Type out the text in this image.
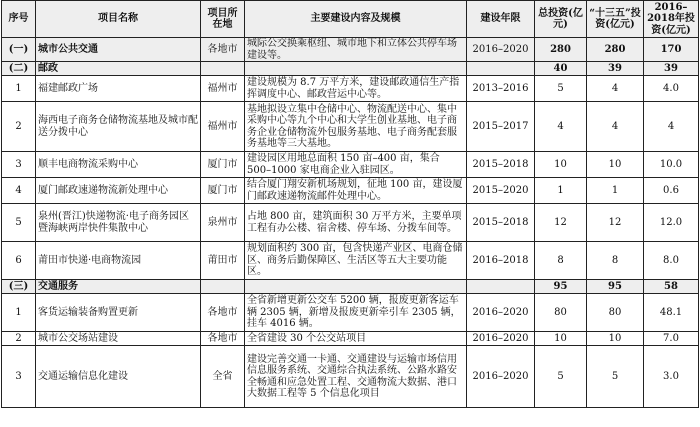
序号	项目名称	项目所在地	主要建设内容及规模	建设年限	总投资(亿元)	“十三五”投资(亿元)	2016–2018年投资(亿元)
(一)	城市公共交通	各地市	城际公交换乘枢纽、城市地下和立体公共停车场建设等。	2016–2020	280	280	170
(二)	邮政				40	39	39
1	福建邮政广场	福州市	建设规模为 8.7 万平方米，建设邮政通信生产指挥调度中心、邮政营运中心等。	2013–2016	5	4	4.0
2	海西电子商务仓储物流基地及城市配送分拨中心	福州市	基地拟设立集中仓储中心、物流配送中心、集中采购中心等九个中心和大学生创业基地、电子商务企业仓储物流外包服务基地、电子商务配套服务基地等三大基地。	2015–2017	4	4	4
3	顺丰电商物流采购中心	厦门市	建设园区用地总面积 150 亩–400 亩，集合 500–1000 家电商企业入驻园区。	2015–2018	10	10	10.0
4	厦门邮政速递物流新处理中心	厦门市	结合厦门翔安新机场规划，征地 100 亩，建设厦门邮政速递物流邮件处理中心。	2015–2020	1	1	0.6
5	泉州(晋江)快递物流·电子商务园区暨海峡两岸快件集散中心	泉州市	占地 800 亩，建筑面积 30 万平方米，主要单项工程有办公楼、宿舍楼、停车场、分拨车间等。	2015–2018	12	12	12.0
6	莆田市快递·电商物流园	莆田市	规划面积约 300 亩，包含快递产业区、电商仓储区、商务后勤保障区、生活区等五大主要功能区。	2016–2018	8	8	8.0
(三)	交通服务				95	95	58
1	客货运输装备购置更新	各地市	全省新增更新公交车 5200 辆，报废更新客运车辆 2305 辆，新增及报废更新牵引车 2305 辆，挂车 4016 辆。	2016–2020	80	80	48.1
2	城市公交场站建设	各地市	全省建设 30 个公交站项目	2016–2020	10	10	7.0
3	交通运输信息化建设	全省	建设完善交通一卡通、交通建设与运输市场信用信息服务系统、交通综合执法系统、公路水路安全畅通和应急处置工程、交通物流大数据、港口大数据工程等 5 个信息化项目	2016–2020	5	5	3.0
